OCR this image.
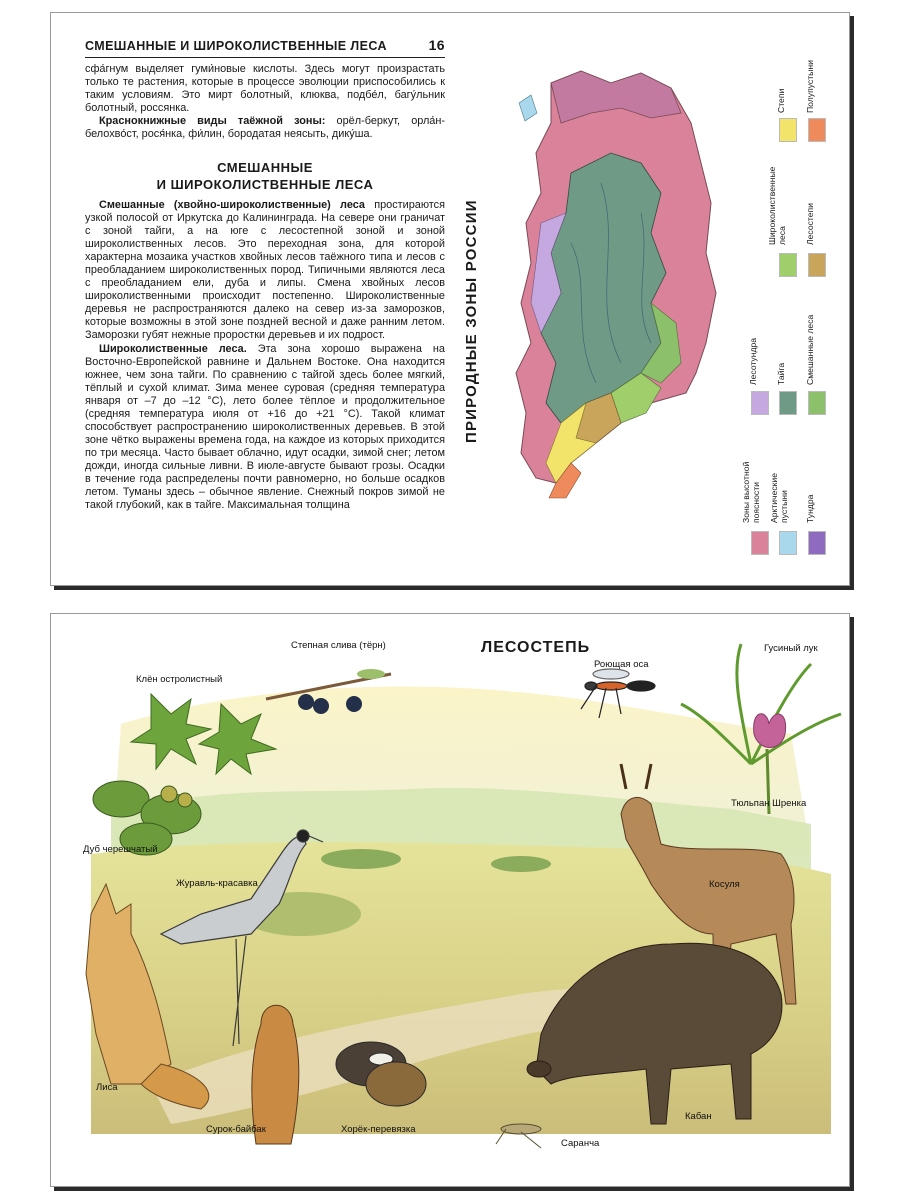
СМЕШАННЫЕ И ШИРОКОЛИСТВЕННЫЕ ЛЕСА	16

сфа́гнум выделяет гуми́новые кислоты. Здесь могут произрастать только те растения, которые в процессе эволюции приспособились к таким условиям. Это мирт болотный, клюква, подбе́л, багу́льник болотный, россянка.

Краснокнижные виды таёжной зоны: орёл-беркут, орла́н-белохво́ст, рося́нка, фи́лин, бородатая неясыть, дику́ша.

СМЕШАННЫЕ
И ШИРОКОЛИСТВЕННЫЕ ЛЕСА

Смешанные (хвойно-широколиственные) леса простираются узкой полосой от Иркутска до Калининграда. На севере они граничат с зоной тайги, а на юге с лесостепной зоной и зоной широколиственных лесов. Это переходная зона, для которой характерна мозаика участков хвойных лесов таёжного типа и лесов с преобладанием широколиственных пород. Типичными являются леса с преобладанием ели, дуба и липы. Смена хвойных лесов широколиственными происходит постепенно. Широколиственные деревья не распространяются далеко на север из-за заморозков, которые возможны в этой зоне поздней весной и даже ранним летом. Заморозки губят нежные проростки деревьев и их подрост.

Широколиственные леса. Эта зона хорошо выражена на Восточно-Европейской равнине и Дальнем Востоке. Она находится южнее, чем зона тайги. По сравнению с тайгой здесь более мягкий, тёплый и сухой климат. Зима менее суровая (средняя температура января от –7 до –12 °С), лето более тёплое и продолжительное (средняя температура июля от +16 до +21 °С). Такой климат способствует распространению широколиственных деревьев. В этой зоне чётко выражены времена года, на каждое из которых приходится по три месяца. Часто бывает облачно, идут осадки, зимой снег; летом дожди, иногда сильные ливни. В июле-августе бывают грозы. Осадки в течение года распределены почти равномерно, но больше осадков летом. Туманы здесь – обычное явление. Снежный покров зимой не такой глубокий, как в тайге. Максимальная толщина

ПРИРОДНЫЕ ЗОНЫ РОССИИ
Степи Полупустыни
Широколиственные леса Лесостепи
Лесотундра Тайга Смешанные леса
Зоны высотной поясности Арктические пустыни Тундра
ЛЕСОСТЕПЬ
Клён остролистный
Степная слива (тёрн)
Роющая оса
Гусиный лук
Тюльпан Шренка
Дуб черешчатый
Журавль-красавка	Косуля
Лиса
Сурок-байбак	Хорёк-перевязка
Саранча
Кабан
